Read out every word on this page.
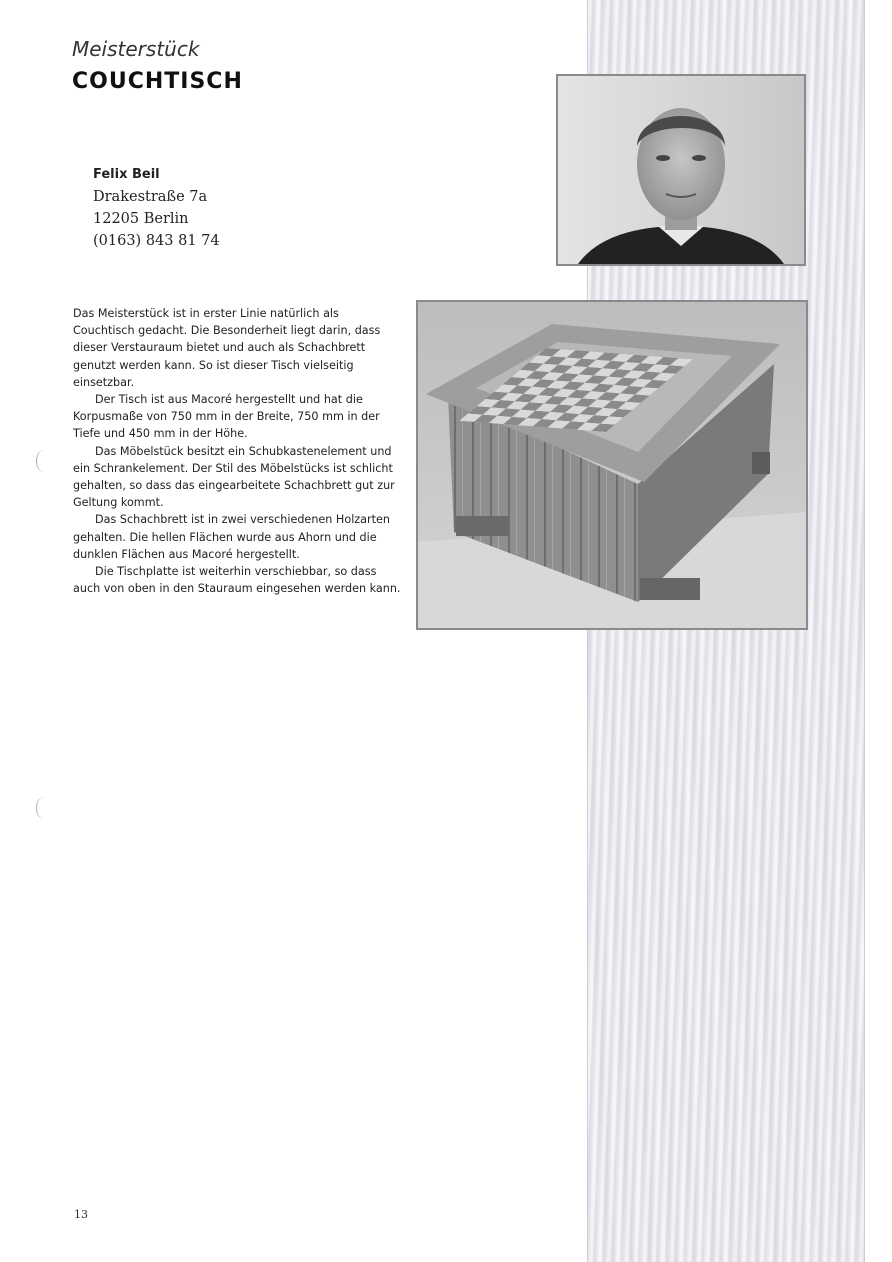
Meisterstück
COUCHTISCH
Felix Beil
Drakestraße 7a
12205 Berlin
(0163) 843 81 74

Das Meisterstück ist in erster Linie natürlich als Couchtisch gedacht. Die Besonderheit liegt darin, dass dieser Verstauraum bietet und auch als Schachbrett genutzt werden kann. So ist dieser Tisch vielseitig einsetzbar.

Der Tisch ist aus Macoré hergestellt und hat die Korpusmaße von 750 mm in der Breite, 750 mm in der Tiefe und 450 mm in der Höhe.

Das Möbelstück besitzt ein Schubkastenelement und ein Schrankelement. Der Stil des Möbelstücks ist schlicht gehalten, so dass das eingearbeitete Schachbrett gut zur Geltung kommt.

Das Schachbrett ist in zwei verschiedenen Holzarten gehalten. Die hellen Flächen wurde aus Ahorn und die dunklen Flächen aus Macoré hergestellt.

Die Tischplatte ist weiterhin verschiebbar, so dass auch von oben in den Stauraum eingesehen werden kann.

13
